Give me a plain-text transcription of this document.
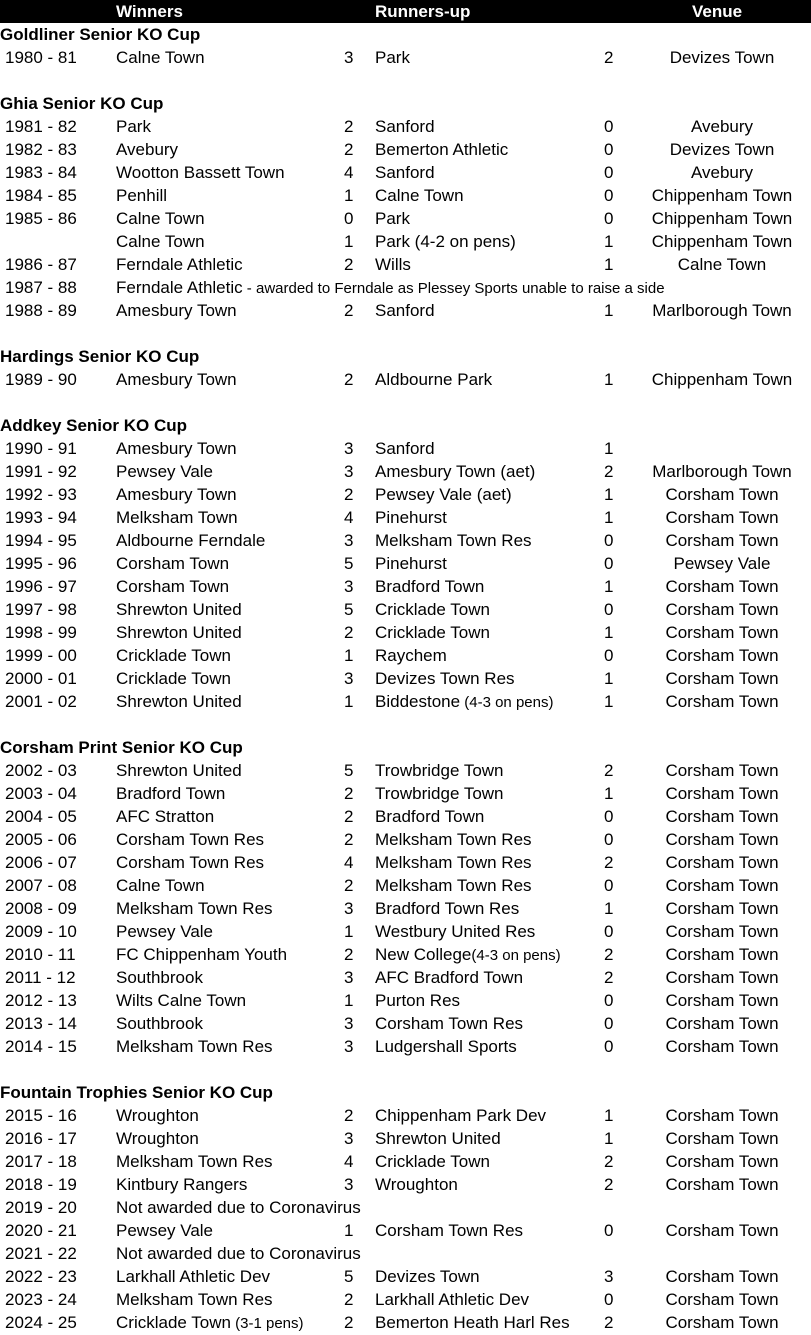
Winners	Runners-up	Venue
Goldliner Senior KO Cup
1980 - 81 Calne Town	3 Park	2	Devizes Town
Ghia Senior KO Cup
1981 - 82 Park	2 Sanford	0	Avebury
1982 - 83 Avebury	2 Bemerton Athletic	0	Devizes Town
1983 - 84 Wootton Bassett Town	4 Sanford	0	Avebury
1984 - 85 Penhill	1 Calne Town	0	Chippenham Town
1985 - 86 Calne Town	0 Park	0	Chippenham Town
Calne Town	1 Park (4-2 on pens)	1	Chippenham Town
1986 - 87 Ferndale Athletic	2 Wills	1	Calne Town
1987 - 88 Ferndale Athletic - awarded to Ferndale as Plessey Sports unable to raise a side
1988 - 89 Amesbury Town	2 Sanford	1	Marlborough Town
Hardings Senior KO Cup
1989 - 90 Amesbury Town	2 Aldbourne Park	1	Chippenham Town
Addkey Senior KO Cup
1990 - 91 Amesbury Town	3 Sanford	1
1991 - 92 Pewsey Vale	3 Amesbury Town (aet)	2	Marlborough Town
1992 - 93 Amesbury Town	2 Pewsey Vale (aet)	1	Corsham Town
1993 - 94 Melksham Town	4 Pinehurst	1	Corsham Town
1994 - 95 Aldbourne Ferndale	3 Melksham Town Res	0	Corsham Town
1995 - 96 Corsham Town	5 Pinehurst	0	Pewsey Vale
1996 - 97 Corsham Town	3 Bradford Town	1	Corsham Town
1997 - 98 Shrewton United	5 Cricklade Town	0	Corsham Town
1998 - 99 Shrewton United	2 Cricklade Town	1	Corsham Town
1999 - 00 Cricklade Town	1 Raychem	0	Corsham Town
2000 - 01 Cricklade Town	3 Devizes Town Res	1	Corsham Town
2001 - 02 Shrewton United	1 Biddestone (4-3 on pens)	1	Corsham Town
Corsham Print Senior KO Cup
2002 - 03 Shrewton United	5 Trowbridge Town	2	Corsham Town
2003 - 04 Bradford Town	2 Trowbridge Town	1	Corsham Town
2004 - 05 AFC Stratton	2 Bradford Town	0	Corsham Town
2005 - 06 Corsham Town Res	2 Melksham Town Res	0	Corsham Town
2006 - 07 Corsham Town Res	4 Melksham Town Res	2	Corsham Town
2007 - 08 Calne Town	2 Melksham Town Res	0	Corsham Town
2008 - 09 Melksham Town Res	3 Bradford Town Res	1	Corsham Town
2009 - 10 Pewsey Vale	1 Westbury United Res	0	Corsham Town
2010 - 11 FC Chippenham Youth	2 New College(4-3 on pens)	2	Corsham Town
2011 - 12 Southbrook	3 AFC Bradford Town	2	Corsham Town
2012 - 13 Wilts Calne Town	1 Purton Res	0	Corsham Town
2013 - 14 Southbrook	3 Corsham Town Res	0	Corsham Town
2014 - 15 Melksham Town Res	3 Ludgershall Sports	0	Corsham Town
Fountain Trophies Senior KO Cup
2015 - 16 Wroughton	2 Chippenham Park Dev	1	Corsham Town
2016 - 17 Wroughton	3 Shrewton United	1	Corsham Town
2017 - 18 Melksham Town Res	4 Cricklade Town	2	Corsham Town
2018 - 19 Kintbury Rangers	3 Wroughton	2	Corsham Town
2019 - 20 Not awarded due to Coronavirus
2020 - 21 Pewsey Vale	1 Corsham Town Res	0	Corsham Town
2021 - 22 Not awarded due to Coronavirus
2022 - 23 Larkhall Athletic Dev	5 Devizes Town	3	Corsham Town
2023 - 24 Melksham Town Res	2 Larkhall Athletic Dev	0	Corsham Town
2024 - 25 Cricklade Town (3-1 pens) 2 Bemerton Heath Harl Res 2	Corsham Town
